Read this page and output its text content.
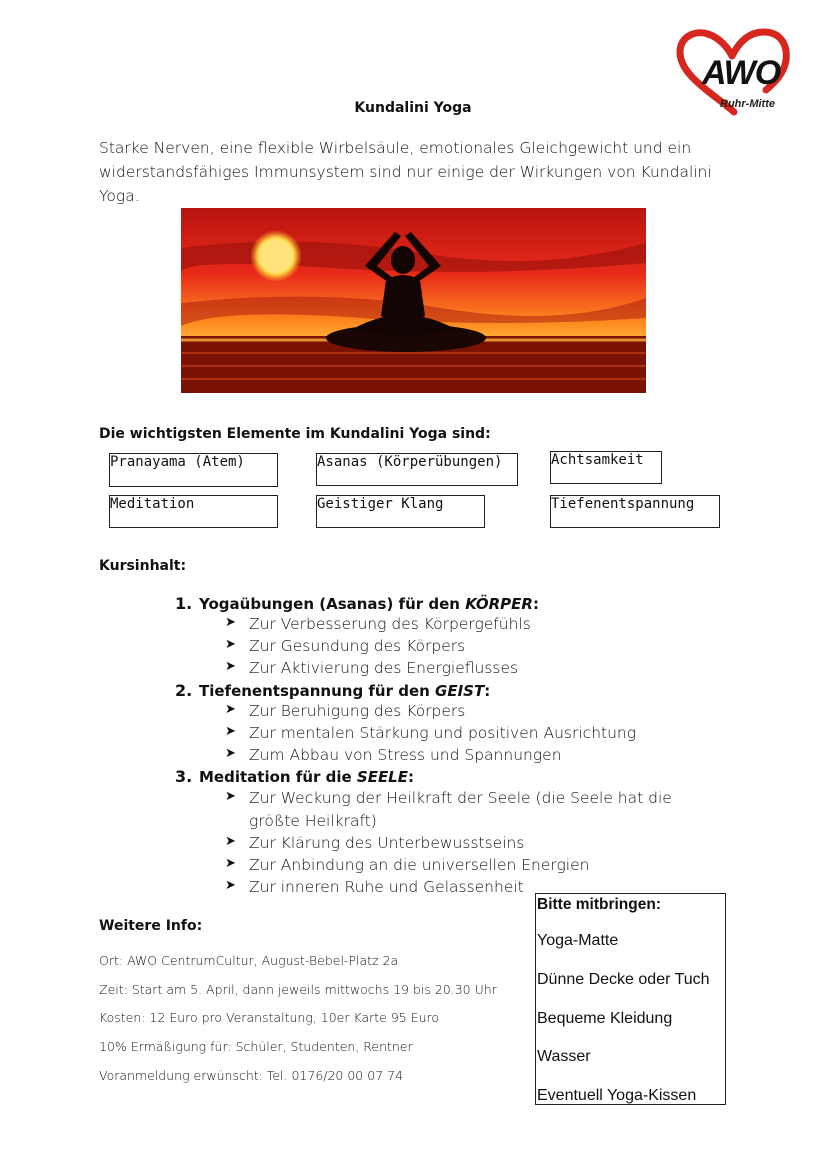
AWO
Ruhr-Mitte
Kundalini Yoga
Starke Nerven, eine flexible Wirbelsäule, emotionales Gleichgewicht und ein widerstandsfähiges Immunsystem sind nur einige der Wirkungen von Kundalini Yoga.
Die wichtigsten Elemente im Kundalini Yoga sind:
Pranayama (Atem)	Asanas (Körperübungen)	Achtsamkeit
Meditation	Geistiger Klang	Tiefenentspannung
Kursinhalt:
1. Yogaübungen (Asanas) für den KÖRPER:
➤ Zur Verbesserung des Körpergefühls
➤ Zur Gesundung des Körpers
➤ Zur Aktivierung des Energieflusses
2. Tiefenentspannung für den GEIST:
➤ Zur Beruhigung des Körpers
➤ Zur mentalen Stärkung und positiven Ausrichtung
➤ Zum Abbau von Stress und Spannungen
3. Meditation für die SEELE:
➤ Zur Weckung der Heilkraft der Seele (die Seele hat die
größte Heilkraft)
➤ Zur Klärung des Unterbewusstseins
➤ Zur Anbindung an die universellen Energien
➤ Zur inneren Ruhe und Gelassenheit
Weitere Info:
Ort: AWO CentrumCultur, August-Bebel-Platz 2a
Zeit: Start am 5. April, dann jeweils mittwochs 19 bis 20.30 Uhr
Kosten: 12 Euro pro Veranstaltung, 10er Karte 95 Euro
10% Ermäßigung für: Schüler, Studenten, Rentner
Voranmeldung erwünscht: Tel. 0176/20 00 07 74
Bitte mitbringen:
Yoga-Matte
Dünne Decke oder Tuch
Bequeme Kleidung
Wasser
Eventuell Yoga-Kissen
